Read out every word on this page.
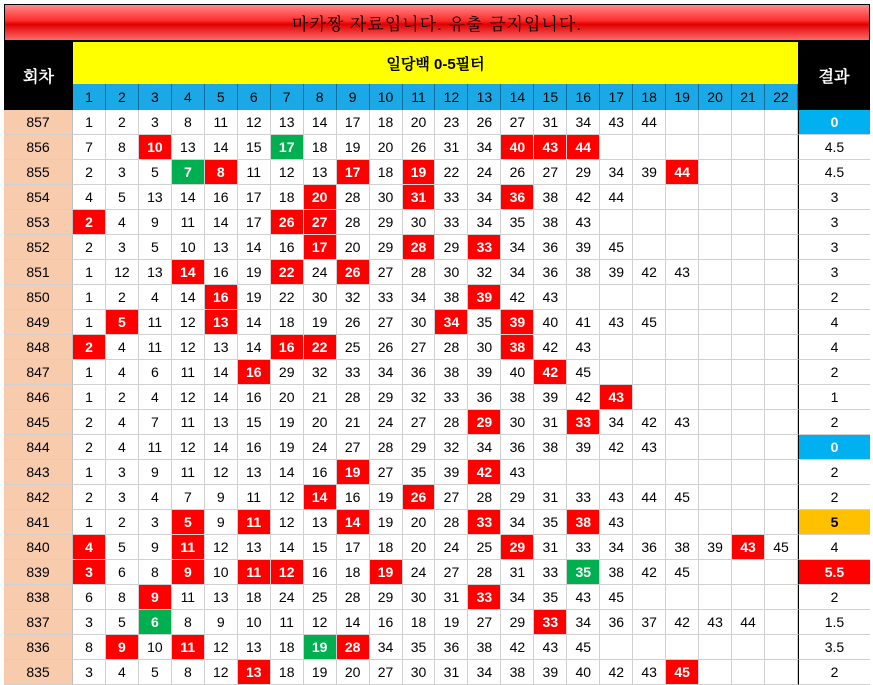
마카짱 자료입니다. 유출 금지입니다.
회차
일당백 0-5필터
1	2	3	4	5	6	7	8	9	10	11	12	13	14	15	16	17	18	19	20	21	22
결과
857	1	2	3	8	11	12	13	14	17	18	20	23	26	27	31	34	43	44	0
856	7	8	10	13	14	15	17	18	19	20	26	31	34	40	43	44	4.5
855	2	3	5	7	8	11	12	13	17	18	19	22	24	26	27	29	34	39	44	4.5
854	4	5	13	14	16	17	18	20	28	30	31	33	34	36	38	42	44	3
853	2	4	9	11	14	17	26	27	28	29	30	33	34	35	38	43	3
852	2	3	5	10	13	14	16	17	20	29	28	29	33	34	36	39	45	3
851	1	12	13	14	16	19	22	24	26	27	28	30	32	34	36	38	39	42	43	3
850	1	2	4	14	16	19	22	30	32	33	34	38	39	42	43	2
849	1	5	11	12	13	14	18	19	26	27	30	34	35	39	40	41	43	45	4
848	2	4	11	12	13	14	16	22	25	26	27	28	30	38	42	43	4
847	1	4	6	11	14	16	29	32	33	34	36	38	39	40	42	45	2
846	1	2	4	12	14	16	20	21	28	29	32	33	36	38	39	42	43	1
845	2	4	7	11	13	15	19	20	21	24	27	28	29	30	31	33	34	42	43	2
844	2	4	11	12	14	16	19	24	27	28	29	32	34	36	38	39	42	43	0
843	1	3	9	11	12	13	14	16	19	27	35	39	42	43	2
842	2	3	4	7	9	11	12	14	16	19	26	27	28	29	31	33	43	44	45	2
841	1	2	3	5	9	11	12	13	14	19	20	28	33	34	35	38	43	5
840	4	5	9	11	12	13	14	15	17	18	20	24	25	29	31	33	34	36	38	39	43	45	4
839	3	6	8	9	10	11	12	16	18	19	24	27	28	31	33	35	38	42	45	5.5
838	6	8	9	11	13	18	24	25	28	29	30	31	33	34	35	43	45	2
837	3	5	6	8	9	10	11	12	14	16	18	19	27	29	33	34	36	37	42	43	44	1.5
836	8	9	10	11	12	13	18	19	28	34	35	36	38	42	43	45	3.5
835	3	4	5	8	12	13	18	19	20	27	30	31	34	38	39	40	42	43	45	2
